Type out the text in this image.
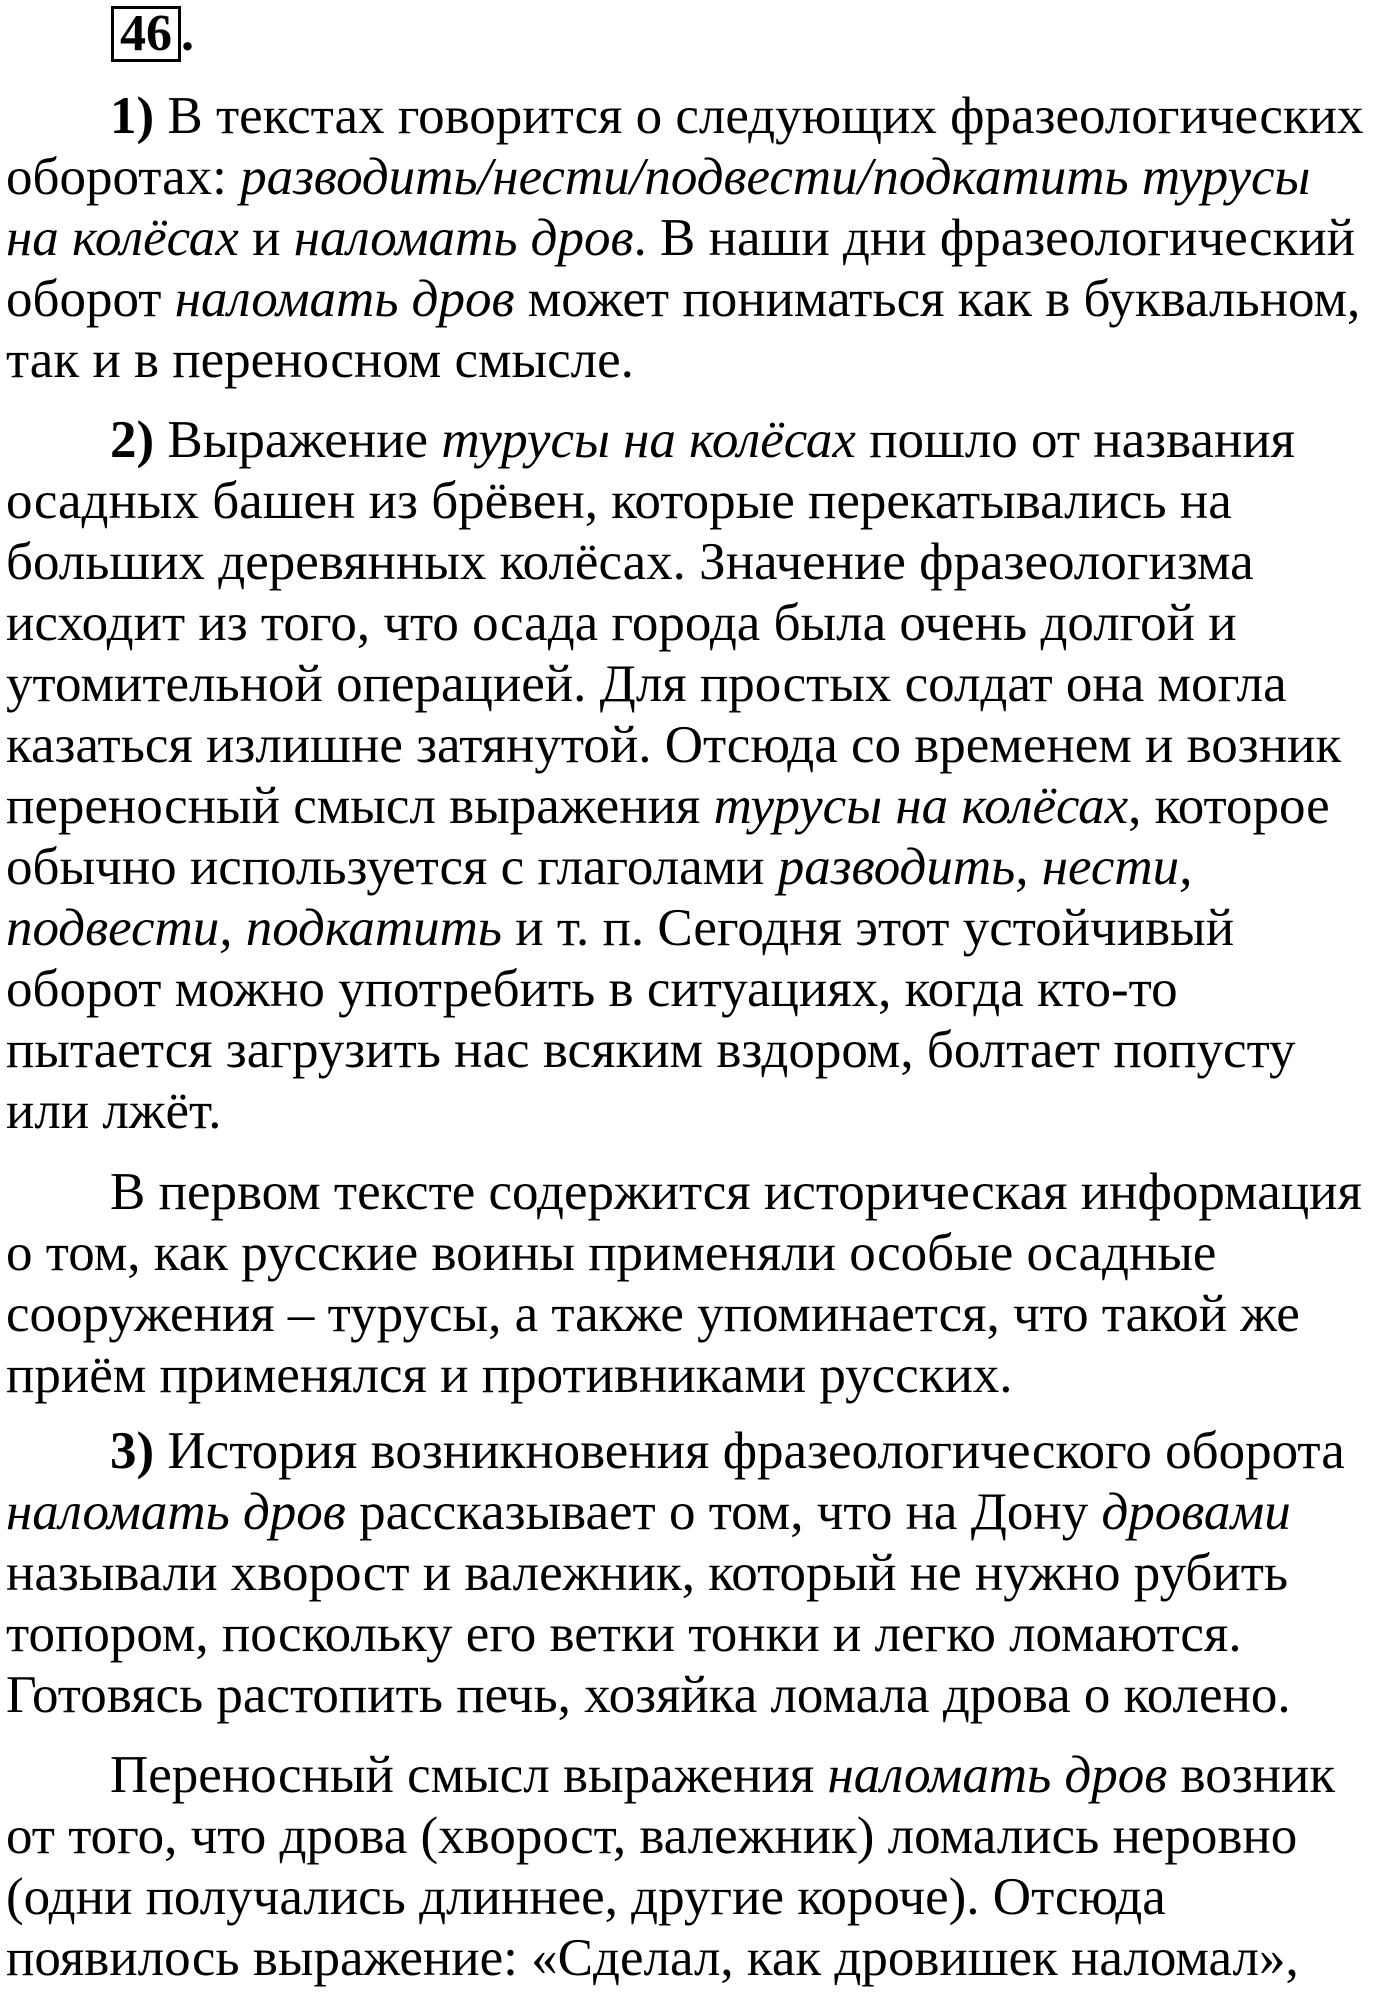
46 .
1) В текстах говорится о следующих фразеологических
оборотах: разводить/нести/подвести/подкатить турусы
на колёсах и наломать дров. В наши дни фразеологический
оборот наломать дров может пониматься как в буквальном,
так и в переносном смысле.
2) Выражение турусы на колёсах пошло от названия
осадных башен из брёвен, которые перекатывались на
больших деревянных колёсах. Значение фразеологизма
исходит из того, что осада города была очень долгой и
утомительной операцией. Для простых солдат она могла
казаться излишне затянутой. Отсюда со временем и возник
переносный смысл выражения турусы на колёсах, которое
обычно используется с глаголами разводить, нести,
подвести, подкатить и т. п. Сегодня этот устойчивый
оборот можно употребить в ситуациях, когда кто-то
пытается загрузить нас всяким вздором, болтает попусту
или лжёт.
В первом тексте содержится историческая информация
о том, как русские воины применяли особые осадные
сооружения – турусы, а также упоминается, что такой же
приём применялся и противниками русских.
3) История возникновения фразеологического оборота
наломать дров рассказывает о том, что на Дону дровами
называли хворост и валежник, который не нужно рубить
топором, поскольку его ветки тонки и легко ломаются.
Готовясь растопить печь, хозяйка ломала дрова о колено.
Переносный смысл выражения наломать дров возник
от того, что дрова (хворост, валежник) ломались неровно
(одни получались длиннее, другие короче). Отсюда
появилось выражение: «Сделал, как дровишек наломал»,
